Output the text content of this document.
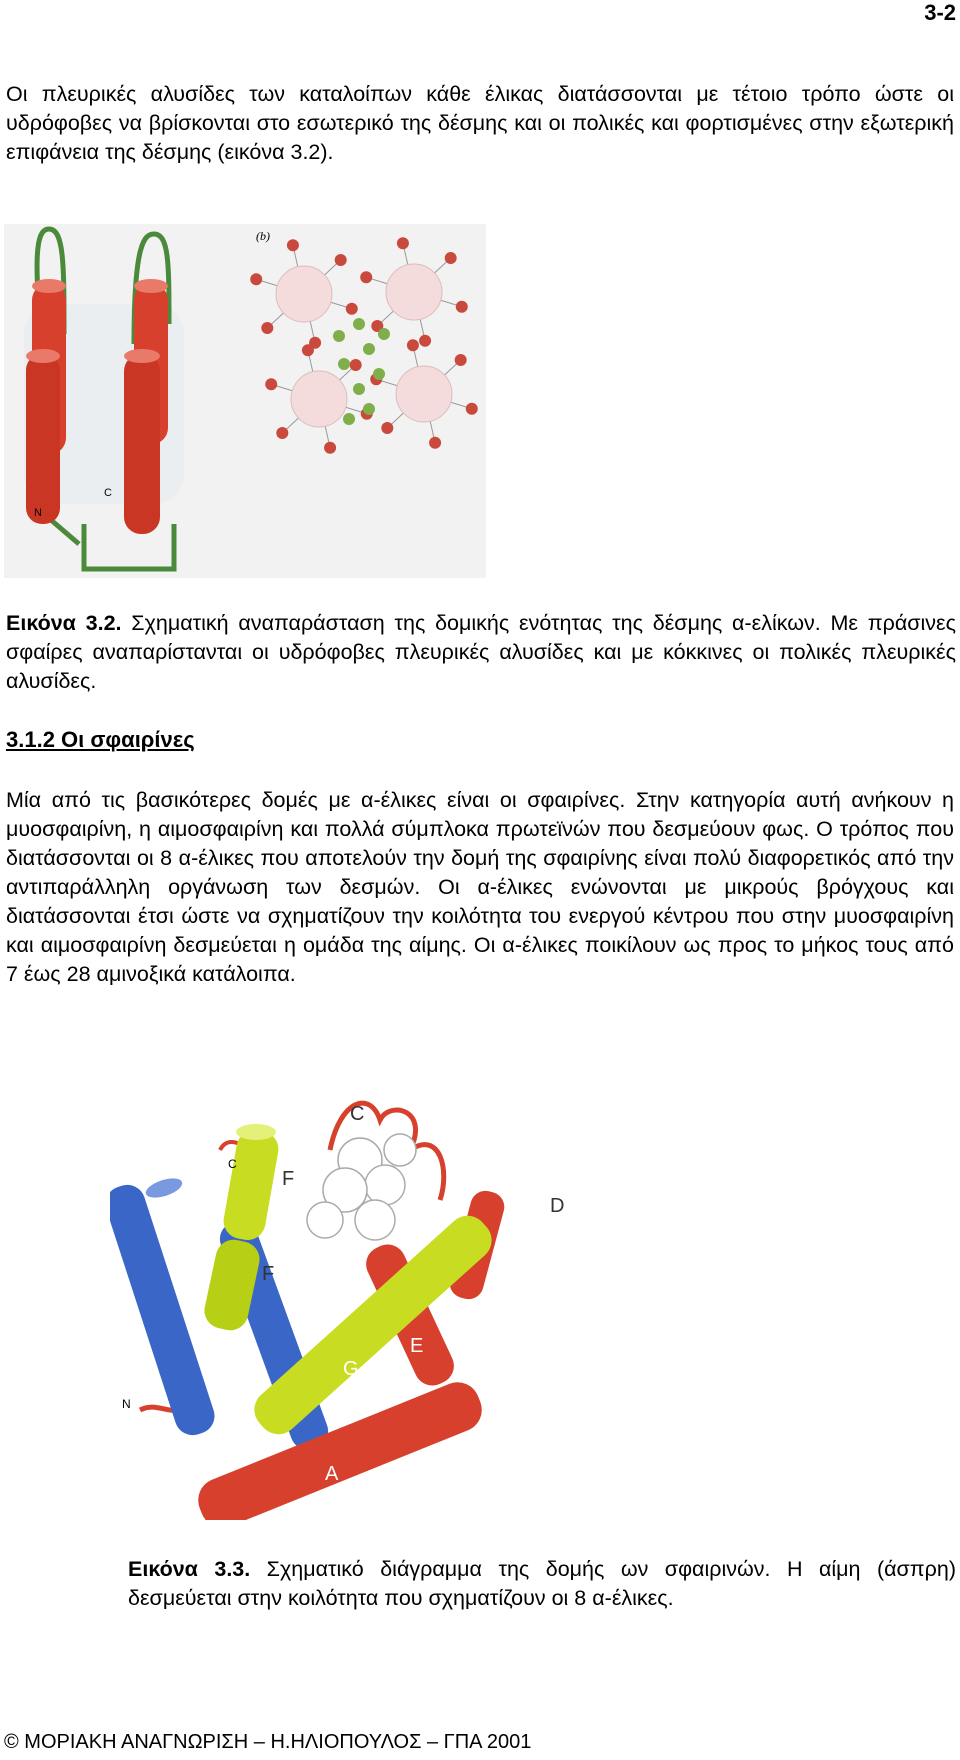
3-2

Οι πλευρικές αλυσίδες των καταλοίπων κάθε έλικας διατάσσονται με τέτοιο τρόπο ώστε οι υδρόφοβες να βρίσκονται στο εσωτερικό της δέσμης και οι πολικές και φορτισμένες στην εξωτερική επιφάνεια της δέσμης (εικόνα 3.2).

N
C
(b)

Εικόνα 3.2. Σχηματική αναπαράσταση της δομικής ενότητας της δέσμης α-ελίκων. Με πράσινες σφαίρες αναπαρίστανται οι υδρόφοβες πλευρικές αλυσίδες και με κόκκινες οι πολικές πλευρικές αλυσίδες.

3.1.2 Οι σφαιρίνες

Μία από τις βασικότερες δομές με α-έλικες είναι οι σφαιρίνες. Στην κατηγορία αυτή ανήκουν η μυοσφαιρίνη, η αιμοσφαιρίνη και πολλά σύμπλοκα πρωτεϊνών που δεσμεύουν φως. Ο τρόπος που διατάσσονται οι 8 α-έλικες που αποτελούν την δομή της σφαιρίνης είναι πολύ διαφορετικός από την αντιπαράλληλη οργάνωση των δεσμών. Οι α-έλικες ενώνονται με μικρούς βρόγχους και διατάσσονται έτσι ώστε να σχηματίζουν την κοιλότητα του ενεργού κέντρου που στην μυοσφαιρίνη και αιμοσφαιρίνη δεσμεύεται η ομάδα της αίμης. Οι α-έλικες ποικίλουν ως προς το μήκος τους από 7 έως 28 αμινοξικά κατάλοιπα.

A
B
E
G
H
F
F
C
D
C
N

Εικόνα 3.3. Σχηματικό διάγραμμα της δομής ων σφαιρινών. Η αίμη (άσπρη) δεσμεύεται στην κοιλότητα που σχηματίζουν οι 8 α-έλικες.

© ΜΟΡΙΑΚΗ ΑΝΑΓΝΩΡΙΣΗ – Η.ΗΛΙΟΠΟΥΛΟΣ – ΓΠΑ 2001
